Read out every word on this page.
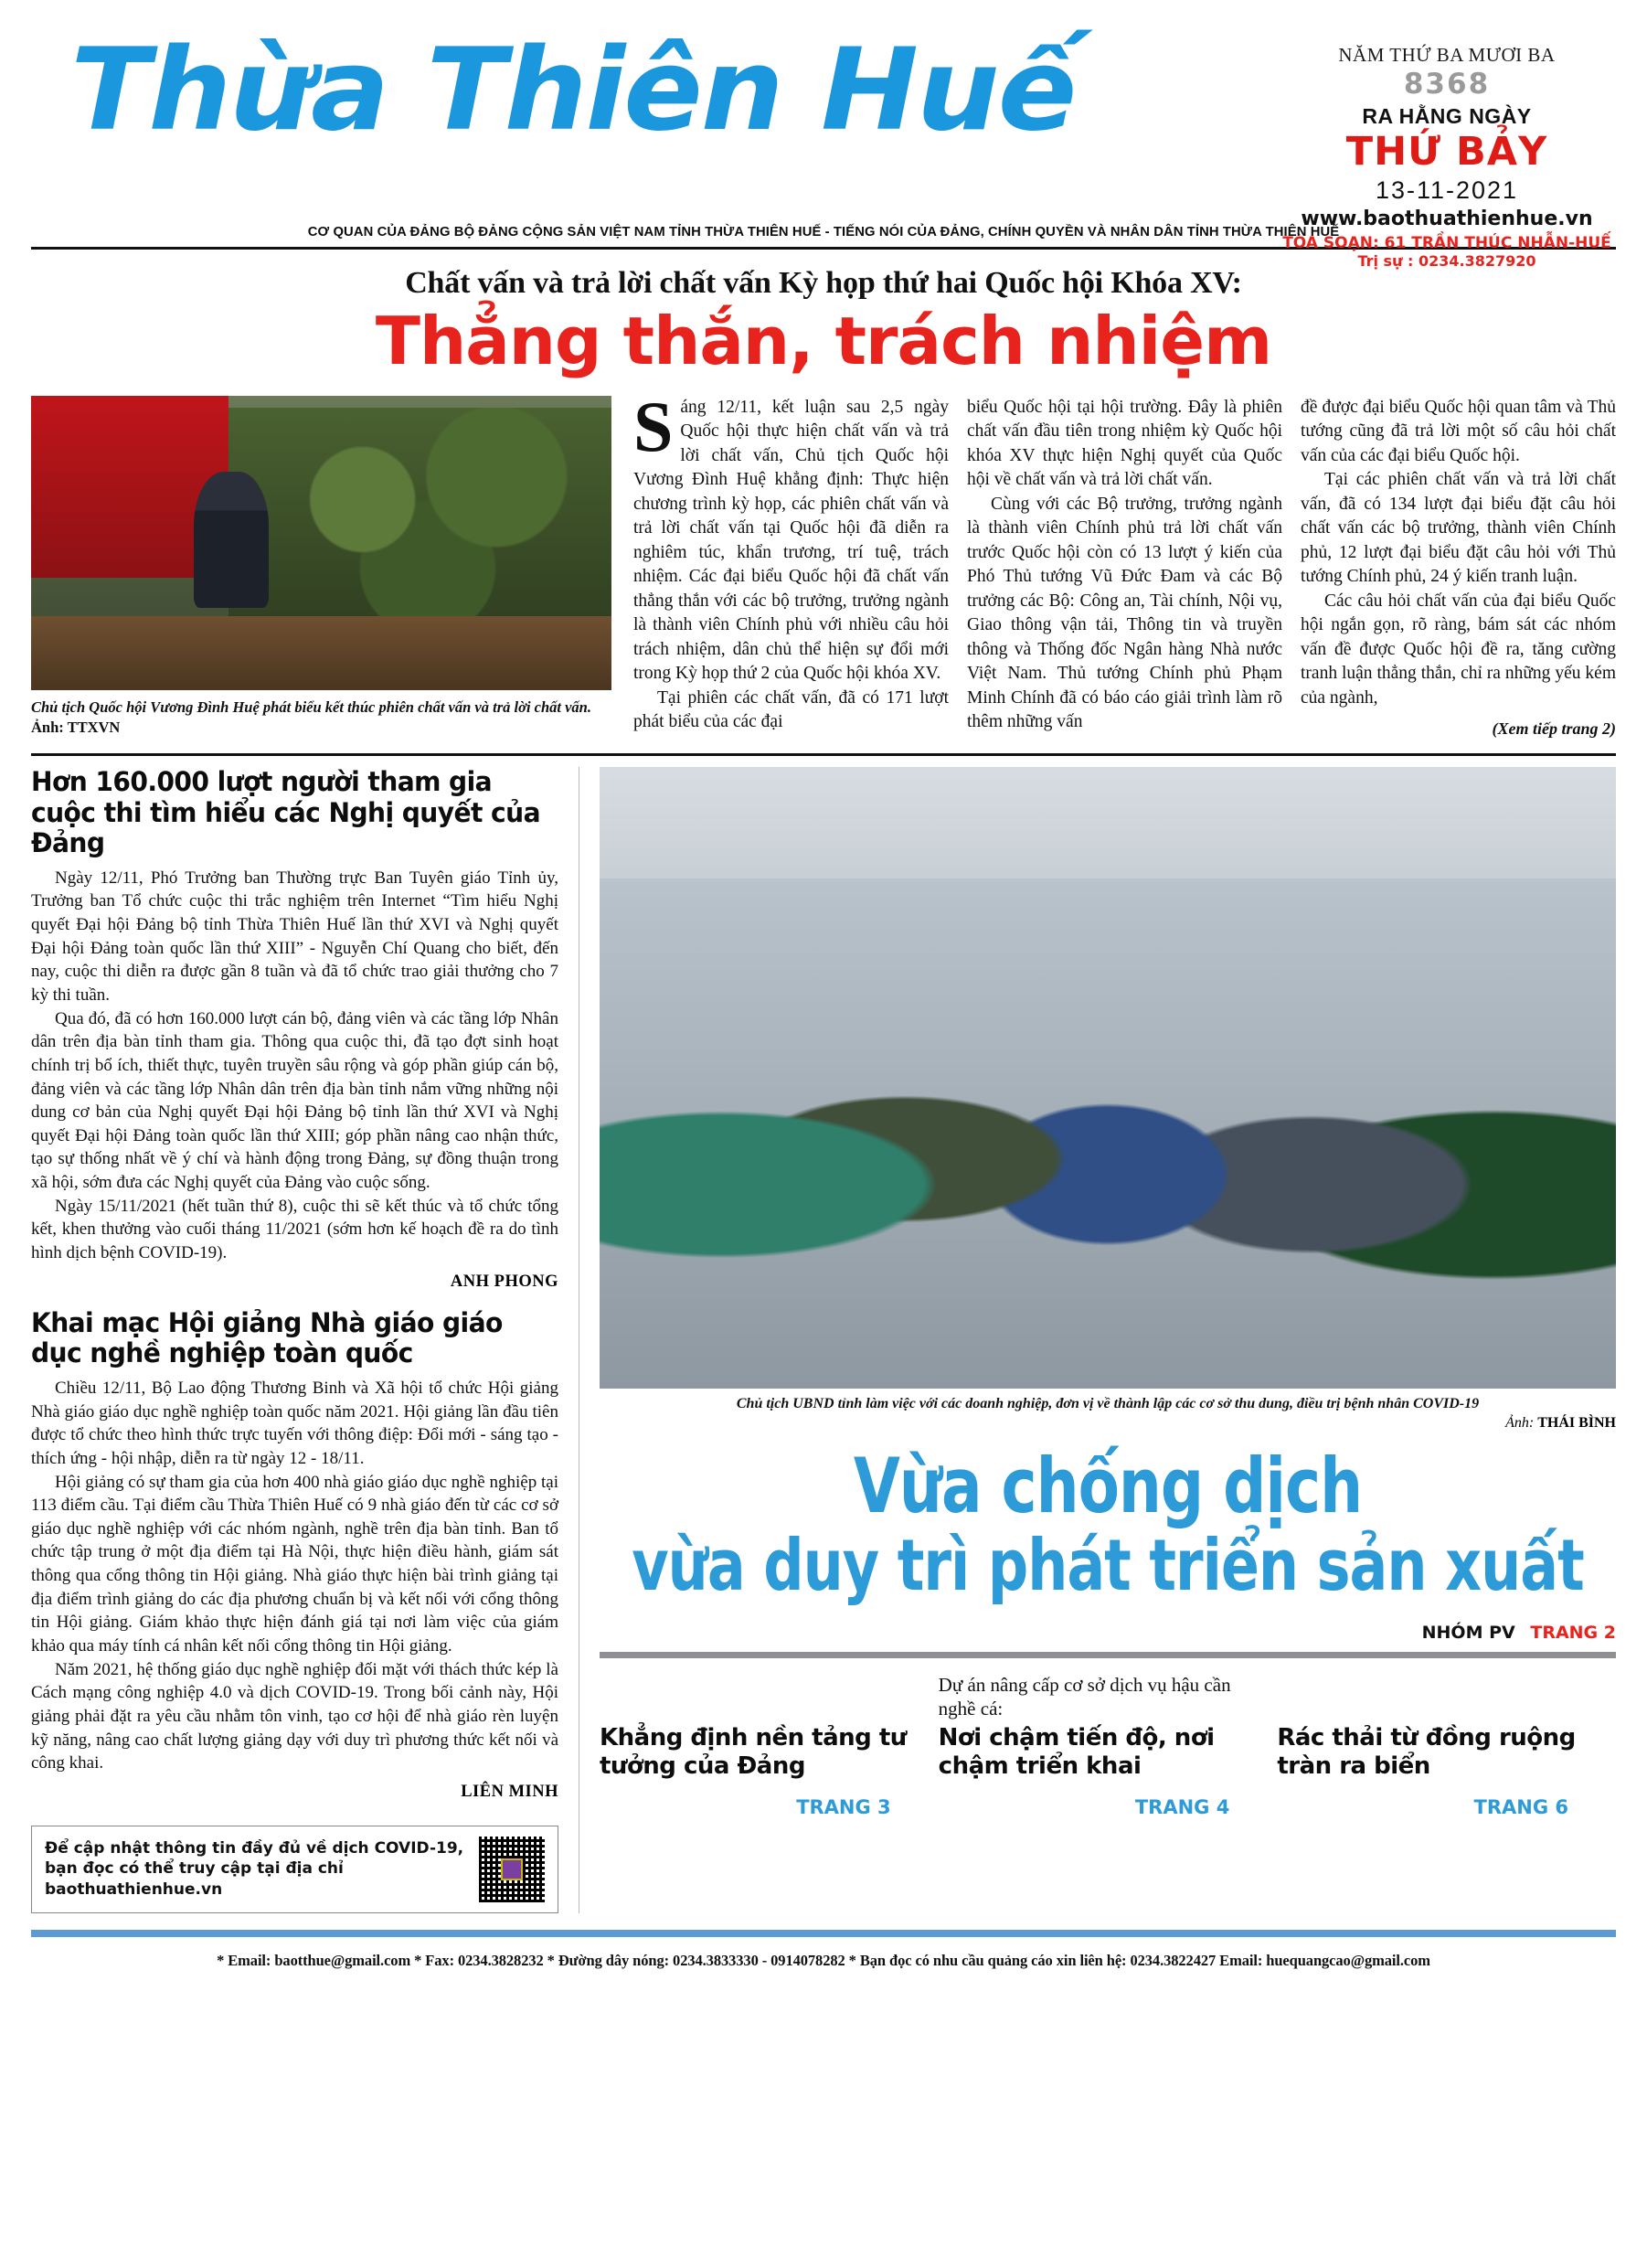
Thừa Thiên Huế	NĂM THỨ BA MƯƠI BA
8368
RA HẰNG NGÀY
THỨ BẢY
13-11-2021
www.baothuathienhue.vn
TÒA SOẠN: 61 TRẦN THÚC NHẪN-HUẾ
Trị sự : 0234.3827920
CƠ QUAN CỦA ĐẢNG BỘ ĐẢNG CỘNG SẢN VIỆT NAM TỈNH THỪA THIÊN HUẾ - TIẾNG NÓI CỦA ĐẢNG, CHÍNH QUYỀN VÀ NHÂN DÂN TỈNH THỪA THIÊN HUẾ
Chất vấn và trả lời chất vấn Kỳ họp thứ hai Quốc hội Khóa XV:
Thẳng thắn, trách nhiệm
Chủ tịch Quốc hội Vương Đình Huệ phát biểu kết thúc phiên chất vấn và trả lời chất vấn. Ảnh: TTXVN

Sáng 12/11, kết luận sau 2,5 ngày Quốc hội thực hiện chất vấn và trả lời chất vấn, Chủ tịch Quốc hội Vương Đình Huệ khẳng định: Thực hiện chương trình kỳ họp, các phiên chất vấn và trả lời chất vấn tại Quốc hội đã diễn ra nghiêm túc, khẩn trương, trí tuệ, trách nhiệm. Các đại biểu Quốc hội đã chất vấn thẳng thắn với các bộ trưởng, trưởng ngành là thành viên Chính phủ với nhiều câu hỏi trách nhiệm, dân chủ thể hiện sự đổi mới trong Kỳ họp thứ 2 của Quốc hội khóa XV.

Tại phiên các chất vấn, đã có 171 lượt phát biểu của các đại

biểu Quốc hội tại hội trường. Đây là phiên chất vấn đầu tiên trong nhiệm kỳ Quốc hội khóa XV thực hiện Nghị quyết của Quốc hội về chất vấn và trả lời chất vấn.

Cùng với các Bộ trưởng, trưởng ngành là thành viên Chính phủ trả lời chất vấn trước Quốc hội còn có 13 lượt ý kiến của Phó Thủ tướng Vũ Đức Đam và các Bộ trưởng các Bộ: Công an, Tài chính, Nội vụ, Giao thông vận tải, Thông tin và truyền thông và Thống đốc Ngân hàng Nhà nước Việt Nam. Thủ tướng Chính phủ Phạm Minh Chính đã có báo cáo giải trình làm rõ thêm những vấn

đề được đại biểu Quốc hội quan tâm và Thủ tướng cũng đã trả lời một số câu hỏi chất vấn của các đại biểu Quốc hội.

Tại các phiên chất vấn và trả lời chất vấn, đã có 134 lượt đại biểu đặt câu hỏi chất vấn các bộ trưởng, thành viên Chính phủ, 12 lượt đại biểu đặt câu hỏi với Thủ tướng Chính phủ, 24 ý kiến tranh luận.

Các câu hỏi chất vấn của đại biểu Quốc hội ngắn gọn, rõ ràng, bám sát các nhóm vấn đề được Quốc hội đề ra, tăng cường tranh luận thẳng thắn, chỉ ra những yếu kém của ngành,

(Xem tiếp trang 2)
Hơn 160.000 lượt người tham gia cuộc thi tìm hiểu các Nghị quyết của Đảng

Ngày 12/11, Phó Trưởng ban Thường trực Ban Tuyên giáo Tỉnh ủy, Trưởng ban Tổ chức cuộc thi trắc nghiệm trên Internet “Tìm hiểu Nghị quyết Đại hội Đảng bộ tỉnh Thừa Thiên Huế lần thứ XVI và Nghị quyết Đại hội Đảng toàn quốc lần thứ XIII” - Nguyễn Chí Quang cho biết, đến nay, cuộc thi diễn ra được gần 8 tuần và đã tổ chức trao giải thưởng cho 7 kỳ thi tuần.

Qua đó, đã có hơn 160.000 lượt cán bộ, đảng viên và các tầng lớp Nhân dân trên địa bàn tỉnh tham gia. Thông qua cuộc thi, đã tạo đợt sinh hoạt chính trị bổ ích, thiết thực, tuyên truyền sâu rộng và góp phần giúp cán bộ, đảng viên và các tầng lớp Nhân dân trên địa bàn tỉnh nắm vững những nội dung cơ bản của Nghị quyết Đại hội Đảng bộ tỉnh lần thứ XVI và Nghị quyết Đại hội Đảng toàn quốc lần thứ XIII; góp phần nâng cao nhận thức, tạo sự thống nhất về ý chí và hành động trong Đảng, sự đồng thuận trong xã hội, sớm đưa các Nghị quyết của Đảng vào cuộc sống.

Ngày 15/11/2021 (hết tuần thứ 8), cuộc thi sẽ kết thúc và tổ chức tổng kết, khen thưởng vào cuối tháng 11/2021 (sớm hơn kế hoạch đề ra do tình hình dịch bệnh COVID-19).

ANH PHONG
Khai mạc Hội giảng Nhà giáo giáo dục nghề nghiệp toàn quốc

Chiều 12/11, Bộ Lao động Thương Binh và Xã hội tổ chức Hội giảng Nhà giáo giáo dục nghề nghiệp toàn quốc năm 2021. Hội giảng lần đầu tiên được tổ chức theo hình thức trực tuyến với thông điệp: Đổi mới - sáng tạo - thích ứng - hội nhập, diễn ra từ ngày 12 - 18/11.

Hội giảng có sự tham gia của hơn 400 nhà giáo giáo dục nghề nghiệp tại 113 điểm cầu. Tại điểm cầu Thừa Thiên Huế có 9 nhà giáo đến từ các cơ sở giáo dục nghề nghiệp với các nhóm ngành, nghề trên địa bàn tỉnh. Ban tổ chức tập trung ở một địa điểm tại Hà Nội, thực hiện điều hành, giám sát thông qua cổng thông tin Hội giảng. Nhà giáo thực hiện bài trình giảng tại địa điểm trình giảng do các địa phương chuẩn bị và kết nối với cổng thông tin Hội giảng. Giám khảo thực hiện đánh giá tại nơi làm việc của giám khảo qua máy tính cá nhân kết nối cổng thông tin Hội giảng.

Năm 2021, hệ thống giáo dục nghề nghiệp đối mặt với thách thức kép là Cách mạng công nghiệp 4.0 và dịch COVID-19. Trong bối cảnh này, Hội giảng phải đặt ra yêu cầu nhằm tôn vinh, tạo cơ hội để nhà giáo rèn luyện kỹ năng, nâng cao chất lượng giảng dạy với duy trì phương thức kết nối và công khai.

LIÊN MINH
Để cập nhật thông tin đầy đủ về dịch COVID-19, bạn đọc có thể truy cập tại địa chỉ baothuathienhue.vn
Chủ tịch UBND tỉnh làm việc với các doanh nghiệp, đơn vị về thành lập các cơ sở thu dung, điều trị bệnh nhân COVID-19
Ảnh: THÁI BÌNH
Vừa chống dịch
vừa duy trì phát triển sản xuất
NHÓM PV TRANG 2
Khẳng định nền tảng tư tưởng của Đảng
TRANG 3
Dự án nâng cấp cơ sở dịch vụ hậu cần nghề cá:
Nơi chậm tiến độ, nơi chậm triển khai
TRANG 4
Rác thải từ đồng ruộng tràn ra biển
TRANG 6
* Email: baotthue@gmail.com * Fax: 0234.3828232 * Đường dây nóng: 0234.3833330 - 0914078282 * Bạn đọc có nhu cầu quảng cáo xin liên hệ: 0234.3822427 Email: huequangcao@gmail.com
